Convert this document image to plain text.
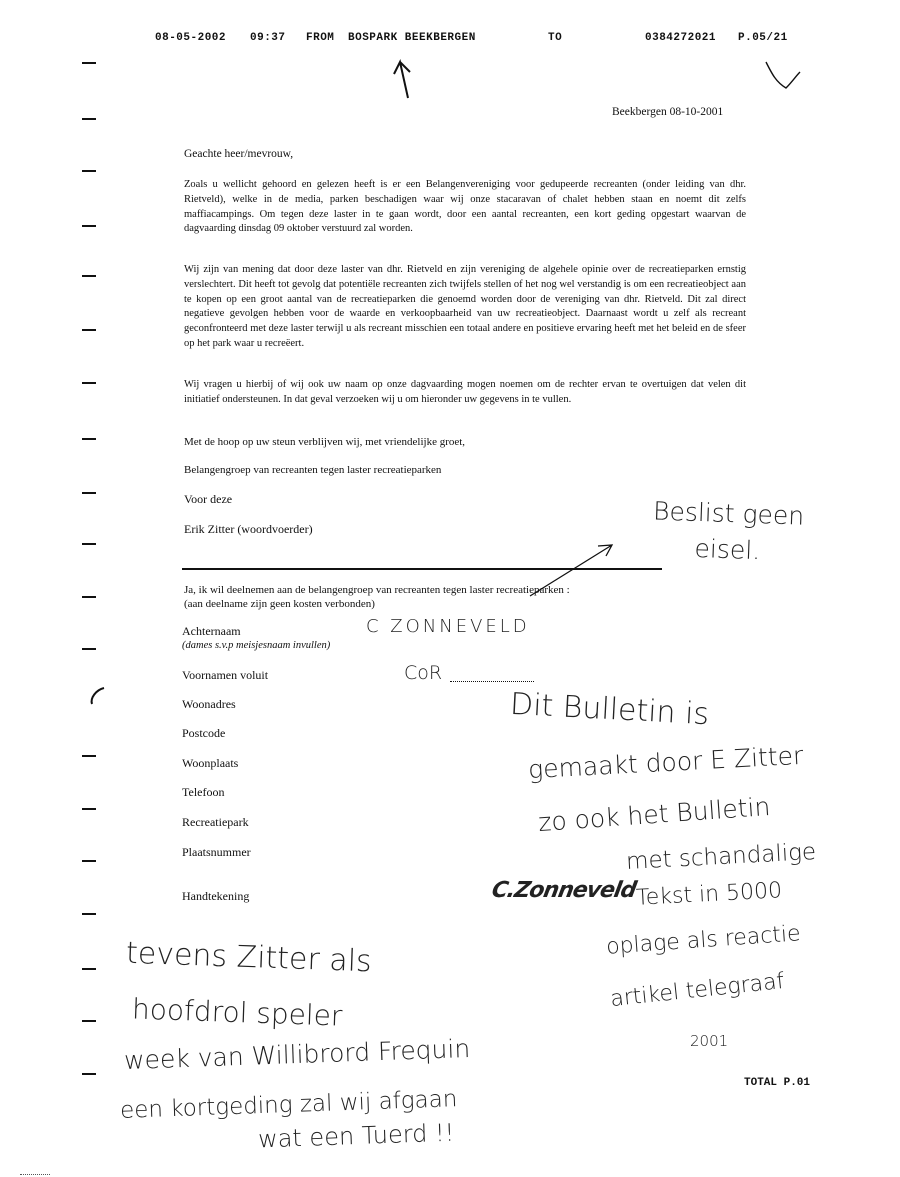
08-05-2002 09:37 FROM BOSPARK BEEKBERGEN	TO	0384272021 P.05/21
Beekbergen 08-10-2001
Geachte heer/mevrouw,
Zoals u wellicht gehoord en gelezen heeft is er een Belangenvereniging voor gedupeerde recreanten (onder leiding van dhr. Rietveld), welke in de media, parken beschadigen waar wij onze stacaravan of chalet hebben staan en noemt dit zelfs maffiacampings. Om tegen deze laster in te gaan wordt, door een aantal recreanten, een kort geding opgestart waarvan de dagvaarding dinsdag 09 oktober verstuurd zal worden.
Wij zijn van mening dat door deze laster van dhr. Rietveld en zijn vereniging de algehele opinie over de recreatieparken ernstig verslechtert. Dit heeft tot gevolg dat potentiële recreanten zich twijfels stellen of het nog wel verstandig is om een recreatieobject aan te kopen op een groot aantal van de recreatieparken die genoemd worden door de vereniging van dhr. Rietveld. Dit zal direct negatieve gevolgen hebben voor de waarde en verkoopbaarheid van uw recreatieobject. Daarnaast wordt u zelf als recreant geconfronteerd met deze laster terwijl u als recreant misschien een totaal andere en positieve ervaring heeft met het beleid en de sfeer op het park waar u recreëert.
Wij vragen u hierbij of wij ook uw naam op onze dagvaarding mogen noemen om de rechter ervan te overtuigen dat velen dit initiatief ondersteunen. In dat geval verzoeken wij u om hieronder uw gegevens in te vullen.
Met de hoop op uw steun verblijven wij, met vriendelijke groet,
Belangengroep van recreanten tegen laster recreatieparken
Voor deze
Erik Zitter (woordvoerder)
Ja, ik wil deelnemen aan de belangengroep van recreanten tegen laster recreatieparken :
(aan deelname zijn geen kosten verbonden)
Achternaam
(dames s.v.p meisjesnaam invullen)
Voornamen voluit
Woonadres
Postcode
Woonplaats
Telefoon
Recreatiepark
Plaatsnummer
Handtekening
C ZONNEVELD
CoR
C.Zonneveld
Beslist geen eisel.
Dit Bulletin is
gemaakt door E Zitter
zo ook het Bulletin
met schandalige
Tekst in 5000
oplage als reactie
artikel telegraaf
2001
tevens Zitter als
hoofdrol speler
week van Willibrord Frequin
een kortgeding zal wij afgaan
wat een Tuerd !!
TOTAL P.01
